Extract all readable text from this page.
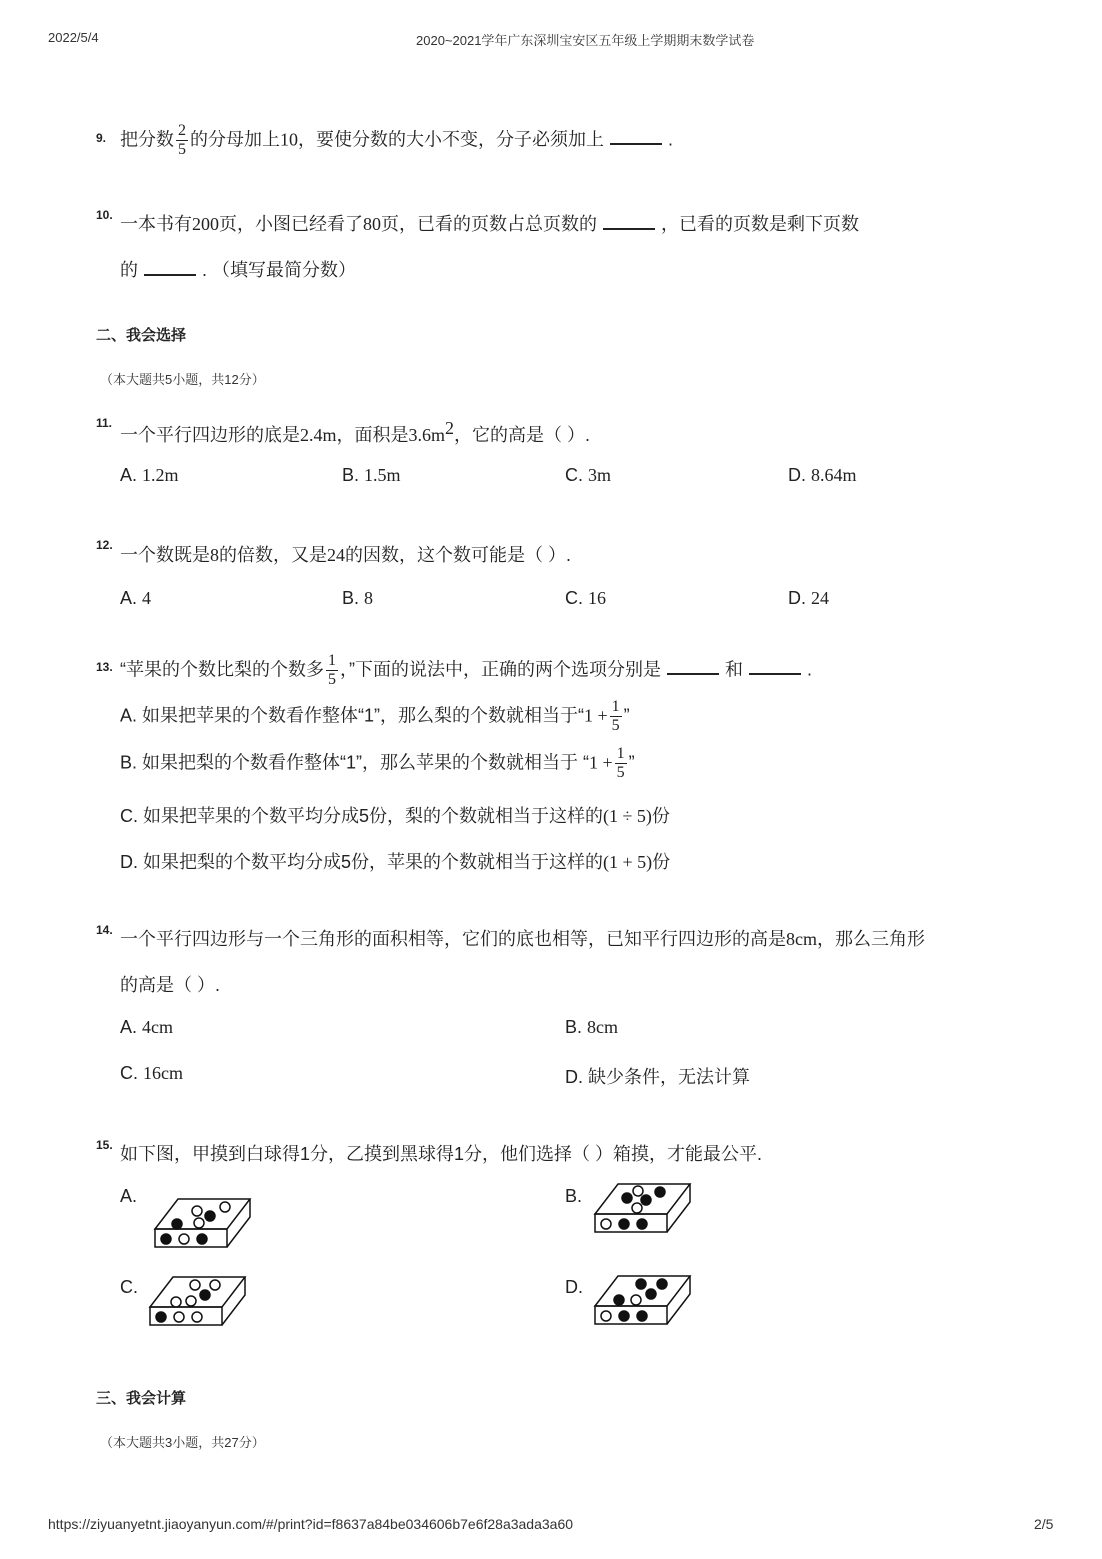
2022/5/4	2020~2021学年广东深圳宝安区五年级上学期期末数学试卷
9. 把分数 $\frac{2}{5}$ 的分母加上10，要使分数的大小不变，分子必须加上	.
10. 一本书有200页，小图已经看了80页，已看的页数占总页数的	，已看的页数是剩下页数
的	. （填写最简分数）
二、我会选择
（本大题共5小题，共12分）
11.
一个平行四边形的底是2.4m，面积是$3.6m^2$，它的高是（ ）.
A. 1.2m	B. 1.5m	C. 3m	D. 8.64m
12. 一个数既是8的倍数，又是24的因数，这个数可能是（ ）.
A. 4	B. 8	C. 16	D. 24
13. “苹果的个数比梨的个数多 $\frac{1}{5}$ ，”下面的说法中，正确的两个选项分别是	和	.
A. 如果把苹果的个数看作整体“1”，那么梨的个数就相当于“$1 + \frac{1}{5}$ ”
B. 如果把梨的个数看作整体“1”，那么苹果的个数就相当于 “$1 + \frac{1}{5}$ ”
C. 如果把苹果的个数平均分成5份，梨的个数就相当于这样的(1 ÷ 5)份
D. 如果把梨的个数平均分成5份，苹果的个数就相当于这样的(1 + 5)份
14. 一个平行四边形与一个三角形的面积相等，它们的底也相等，已知平行四边形的高是8cm，那么三角形
的高是（ ）.
A. 4cm	B. 8cm
C. 16cm	D. 缺少条件，无法计算
15. 如下图，甲摸到白球得1分，乙摸到黑球得1分，他们选择（ ）箱摸，才能最公平.
A.	B.
C.	D.
三、我会计算
（本大题共3小题，共27分）
https://ziyuanyetnt.jiaoyanyun.com/#/print?id=f8637a84be034606b7e6f28a3ada3a60	2/5
